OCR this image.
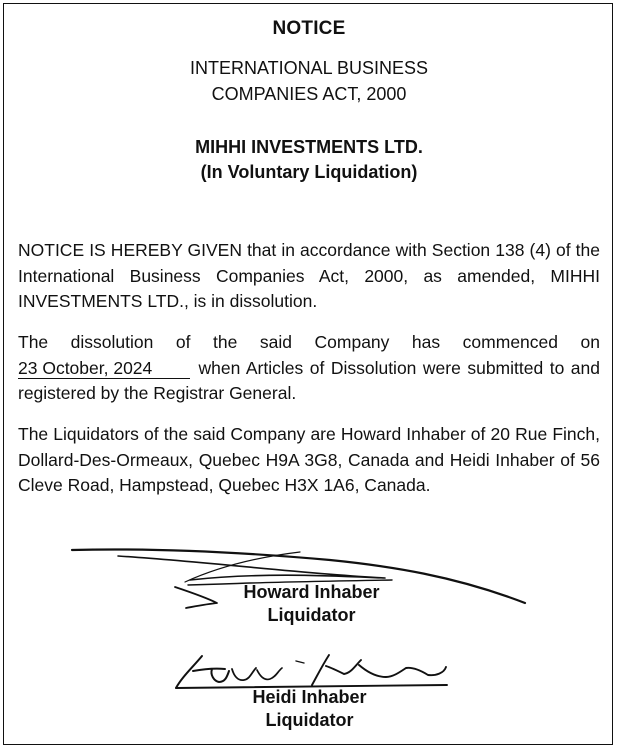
NOTICE
INTERNATIONAL BUSINESS
COMPANIES ACT, 2000
MIHHI INVESTMENTS LTD.
(In Voluntary Liquidation)
NOTICE IS HEREBY GIVEN that in accordance with Section 138 (4) of the International Business Companies Act, 2000, as amended, MIHHI INVESTMENTS LTD., is in dissolution.
The dissolution of the said Company has commenced on 23 October, 2024	when Articles of Dissolution were submitted to and registered by the Registrar General.
The Liquidators of the said Company are Howard Inhaber of 20 Rue Finch, Dollard-Des-Ormeaux, Quebec H9A 3G8, Canada and Heidi Inhaber of 56 Cleve Road, Hampstead, Quebec H3X 1A6, Canada.
Howard Inhaber
Liquidator
Heidi Inhaber
Liquidator
